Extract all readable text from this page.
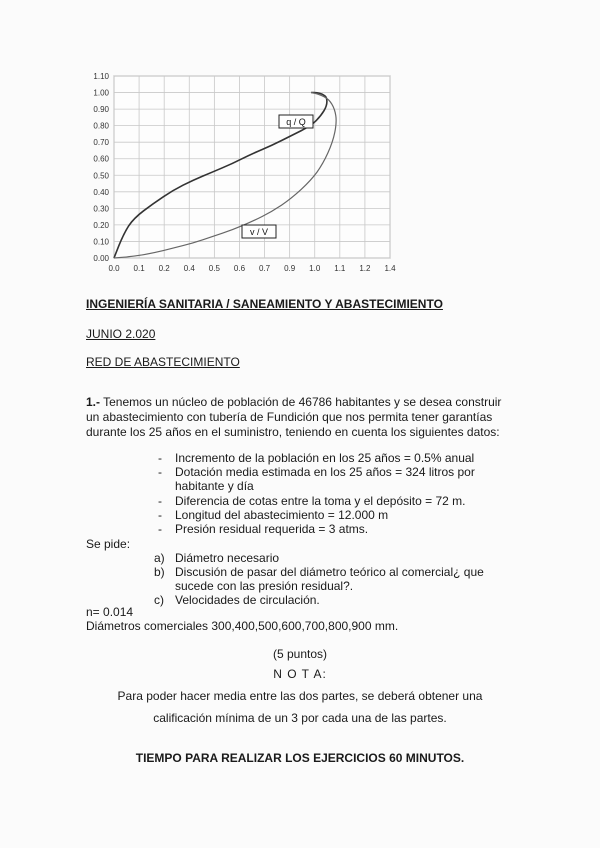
0.00
0.10
0.20
0.30
0.40
0.50
0.60
0.70
0.80
0.90
1.00
1.10
0.0 0.1 0.2 0.4 0.5 0.6 0.7 0.9 1.0 1.1 1.2 1.4
q / Q
v / V
INGENIERÍA SANITARIA / SANEAMIENTO Y ABASTECIMIENTO
JUNIO 2.020
RED DE ABASTECIMIENTO
1.- Tenemos un núcleo de población de 46786 habitantes y se desea construir
un abastecimiento con tubería de Fundición que nos permita tener garantías
durante los 25 años en el suministro, teniendo en cuenta los siguientes datos:
- Incremento de la población en los 25 años = 0.5% anual
- Dotación media estimada en los 25 años = 324 litros por
habitante y día
- Diferencia de cotas entre la toma y el depósito = 72 m.
- Longitud del abastecimiento = 12.000 m
- Presión residual requerida = 3 atms.
Se pide:
a) Diámetro necesario
b) Discusión de pasar del diámetro teórico al comercial¿ que
sucede con las presión residual?.
c) Velocidades de circulación.
n= 0.014
Diámetros comerciales 300,400,500,600,700,800,900 mm.
(5 puntos)
N O T A:
Para poder hacer media entre las dos partes, se deberá obtener una
calificación mínima de un 3 por cada una de las partes.
TIEMPO PARA REALIZAR LOS EJERCICIOS 60 MINUTOS.
